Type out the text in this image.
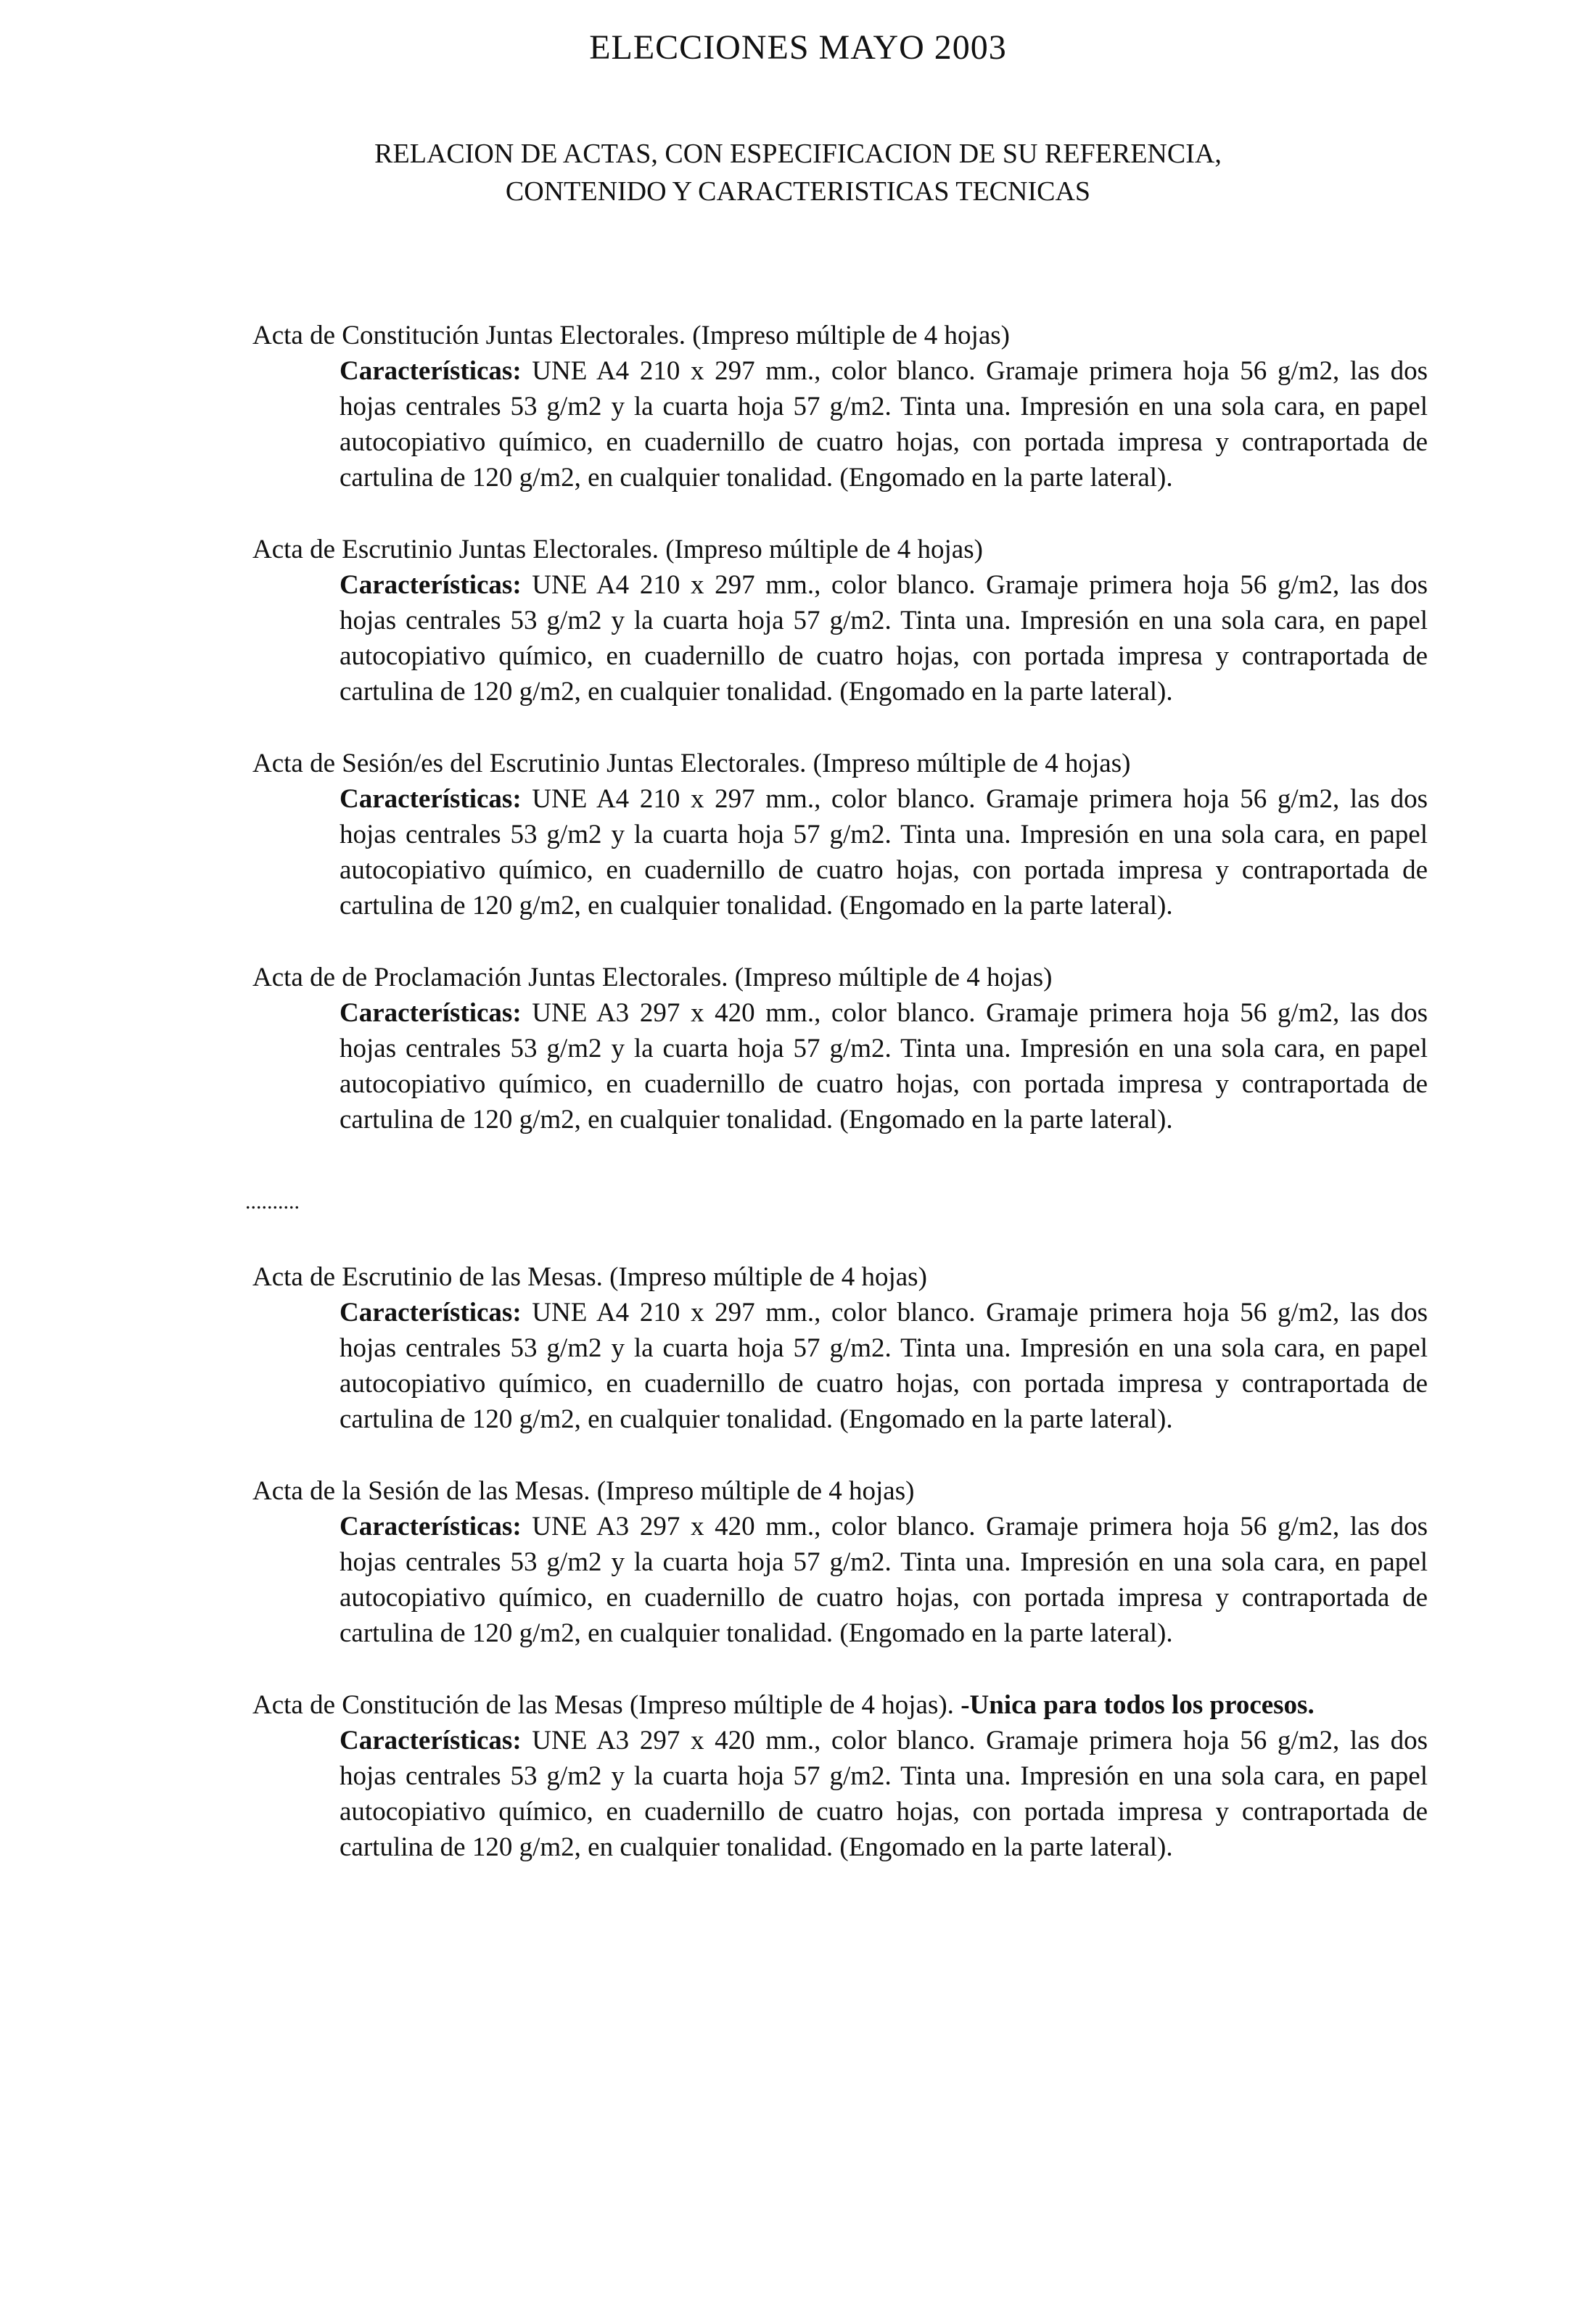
ELECCIONES MAYO 2003
RELACION DE ACTAS, CON ESPECIFICACION DE SU REFERENCIA,
CONTENIDO Y CARACTERISTICAS TECNICAS
Acta de Constitución Juntas Electorales. (Impreso múltiple de 4 hojas)
Características: UNE A4 210 x 297 mm., color blanco. Gramaje primera hoja 56 g/m2, las dos hojas centrales 53 g/m2 y la cuarta hoja 57 g/m2. Tinta una. Impresión en una sola cara, en papel autocopiativo químico, en cuadernillo de cuatro hojas, con portada impresa y contraportada de cartulina de 120 g/m2, en cualquier tonalidad. (Engomado en la parte lateral).
Acta de Escrutinio Juntas Electorales. (Impreso múltiple de 4 hojas)
Características: UNE A4 210 x 297 mm., color blanco. Gramaje primera hoja 56 g/m2, las dos hojas centrales 53 g/m2 y la cuarta hoja 57 g/m2. Tinta una. Impresión en una sola cara, en papel autocopiativo químico, en cuadernillo de cuatro hojas, con portada impresa y contraportada de cartulina de 120 g/m2, en cualquier tonalidad. (Engomado en la parte lateral).
Acta de Sesión/es del Escrutinio Juntas Electorales. (Impreso múltiple de 4 hojas)
Características: UNE A4 210 x 297 mm., color blanco. Gramaje primera hoja 56 g/m2, las dos hojas centrales 53 g/m2 y la cuarta hoja 57 g/m2. Tinta una. Impresión en una sola cara, en papel autocopiativo químico, en cuadernillo de cuatro hojas, con portada impresa y contraportada de cartulina de 120 g/m2, en cualquier tonalidad. (Engomado en la parte lateral).
Acta de de Proclamación Juntas Electorales. (Impreso múltiple de 4 hojas)
Características: UNE A3 297 x 420 mm., color blanco. Gramaje primera hoja 56 g/m2, las dos hojas centrales 53 g/m2 y la cuarta hoja 57 g/m2. Tinta una. Impresión en una sola cara, en papel autocopiativo químico, en cuadernillo de cuatro hojas, con portada impresa y contraportada de cartulina de 120 g/m2, en cualquier tonalidad. (Engomado en la parte lateral).
..........
Acta de Escrutinio de las Mesas. (Impreso múltiple de 4 hojas)
Características: UNE A4 210 x 297 mm., color blanco. Gramaje primera hoja 56 g/m2, las dos hojas centrales 53 g/m2 y la cuarta hoja 57 g/m2. Tinta una. Impresión en una sola cara, en papel autocopiativo químico, en cuadernillo de cuatro hojas, con portada impresa y contraportada de cartulina de 120 g/m2, en cualquier tonalidad. (Engomado en la parte lateral).
Acta de la Sesión de las Mesas. (Impreso múltiple de 4 hojas)
Características: UNE A3 297 x 420 mm., color blanco. Gramaje primera hoja 56 g/m2, las dos hojas centrales 53 g/m2 y la cuarta hoja 57 g/m2. Tinta una. Impresión en una sola cara, en papel autocopiativo químico, en cuadernillo de cuatro hojas, con portada impresa y contraportada de cartulina de 120 g/m2, en cualquier tonalidad. (Engomado en la parte lateral).
Acta de Constitución de las Mesas (Impreso múltiple de 4 hojas). -Unica para todos los procesos.
Características: UNE A3 297 x 420 mm., color blanco. Gramaje primera hoja 56 g/m2, las dos hojas centrales 53 g/m2 y la cuarta hoja 57 g/m2. Tinta una. Impresión en una sola cara, en papel autocopiativo químico, en cuadernillo de cuatro hojas, con portada impresa y contraportada de cartulina de 120 g/m2, en cualquier tonalidad. (Engomado en la parte lateral).
